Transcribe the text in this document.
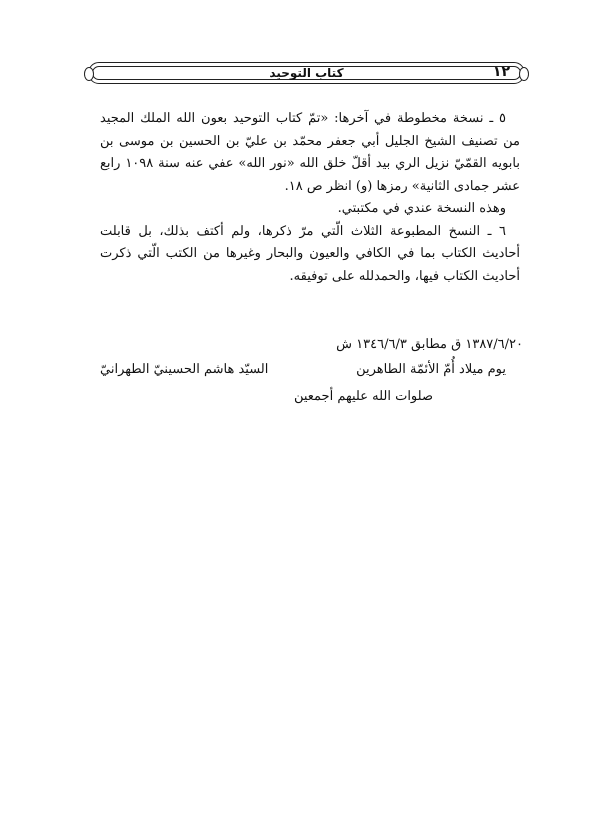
١٢
كتاب التوحيد

٥ ـ نسخة مخطوطة في آخرها: «تمّ كتاب التوحيد بعون الله الملك المجيد من تصنيف الشيخ الجليل أبي جعفر محمّد بن عليّ بن الحسين بن موسى بن بابويه القمّيّ نزيل الري بيد أقلّ خلق الله «نور الله» عفي عنه سنة ١٠٩٨ رابع عشر جمادى الثانية» رمزها (و) انظر ص ١٨.

وهذه النسخة عندي في مكتبتي.

٦ ـ النسخ المطبوعة الثلاث الّتي مرّ ذكرها، ولم أكتف بذلك، بل قابلت أحاديث الكتاب بما في الكافي والعيون والبحار وغيرها من الكتب الّتي ذكرت أحاديث الكتاب فيها، والحمدلله على توفيقه.

١٣٨٧/٦/٢٠ ق مطابق ١٣٤٦/٦/٣ ش
يوم ميلاد أُمّ الأئمّة الطاهرين
السيّد هاشم الحسينيّ الطهرانيّ
صلوات الله عليهم أجمعين
